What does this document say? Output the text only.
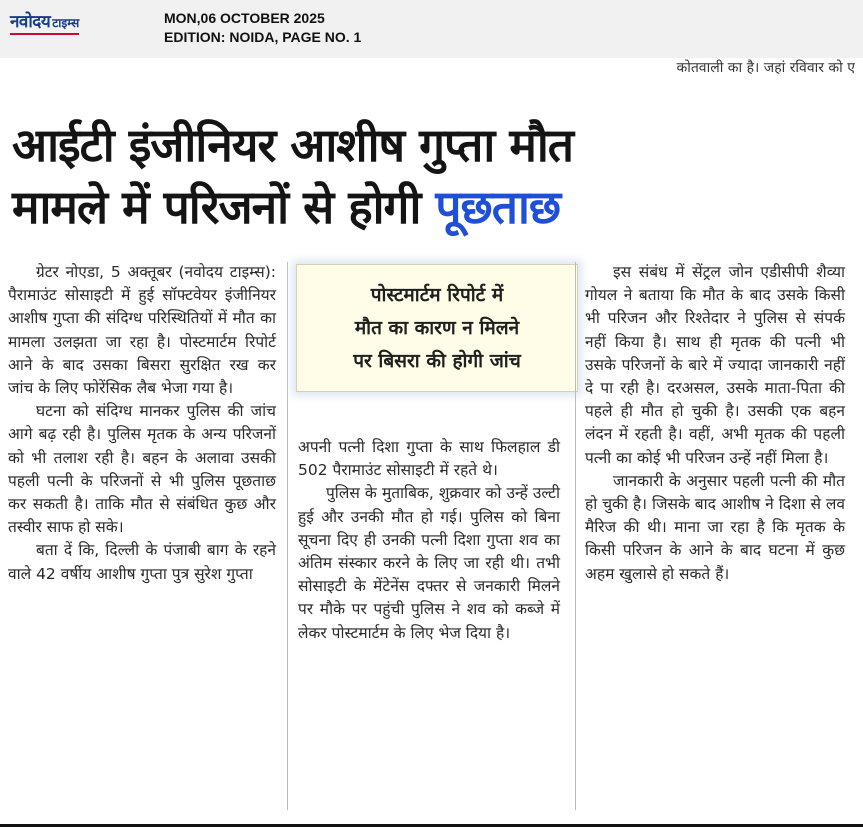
नवोदय टाइम्स	MON,06 OCTOBER 2025
EDITION: NOIDA, PAGE NO. 1
कोतवाली का है। जहां रविवार को ए
आईटी इंजीनियर आशीष गुप्ता मौत
मामले में परिजनों से होगी पूछताछ

ग्रेटर नोएडा, 5 अक्तूबर (नवोदय टाइम्स): पैरामाउंट सोसाइटी में हुई सॉफ्टवेयर इंजीनियर आशीष गुप्ता की संदिग्ध परिस्थितियों में मौत का मामला उलझता जा रहा है। पोस्टमार्टम रिपोर्ट आने के बाद उसका बिसरा सुरक्षित रख कर जांच के लिए फोरेंसिक लैब भेजा गया है।

घटना को संदिग्ध मानकर पुलिस की जांच आगे बढ़ रही है। पुलिस मृतक के अन्य परिजनों को भी तलाश रही है। बहन के अलावा उसकी पहली पत्नी के परिजनों से भी पुलिस पूछताछ कर सकती है। ताकि मौत से संबंधित कुछ और तस्वीर साफ हो सके।

बता दें कि, दिल्ली के पंजाबी बाग के रहने वाले 42 वर्षीय आशीष गुप्ता पुत्र सुरेश गुप्ता

पोस्टमार्टम रिपोर्ट में
मौत का कारण न मिलने
पर बिसरा की होगी जांच

अपनी पत्नी दिशा गुप्ता के साथ फिलहाल डी 502 पैरामाउंट सोसाइटी में रहते थे।

पुलिस के मुताबिक, शुक्रवार को उन्हें उल्टी हुई और उनकी मौत हो गई। पुलिस को बिना सूचना दिए ही उनकी पत्नी दिशा गुप्ता शव का अंतिम संस्कार करने के लिए जा रही थी। तभी सोसाइटी के मेंटेनेंस दफ्तर से जनकारी मिलने पर मौके पर पहुंची पुलिस ने शव को कब्जे में लेकर पोस्टमार्टम के लिए भेज दिया है।

इस संबंध में सेंट्रल जोन एडीसीपी शैव्या गोयल ने बताया कि मौत के बाद उसके किसी भी परिजन और रिश्तेदार ने पुलिस से संपर्क नहीं किया है। साथ ही मृतक की पत्नी भी उसके परिजनों के बारे में ज्यादा जानकारी नहीं दे पा रही है। दरअसल, उसके माता-पिता की पहले ही मौत हो चुकी है। उसकी एक बहन लंदन में रहती है। वहीं, अभी मृतक की पहली पत्नी का कोई भी परिजन उन्हें नहीं मिला है।

जानकारी के अनुसार पहली पत्नी की मौत हो चुकी है। जिसके बाद आशीष ने दिशा से लव मैरिज की थी। माना जा रहा है कि मृतक के किसी परिजन के आने के बाद घटना में कुछ अहम खुलासे हो सकते हैं।
